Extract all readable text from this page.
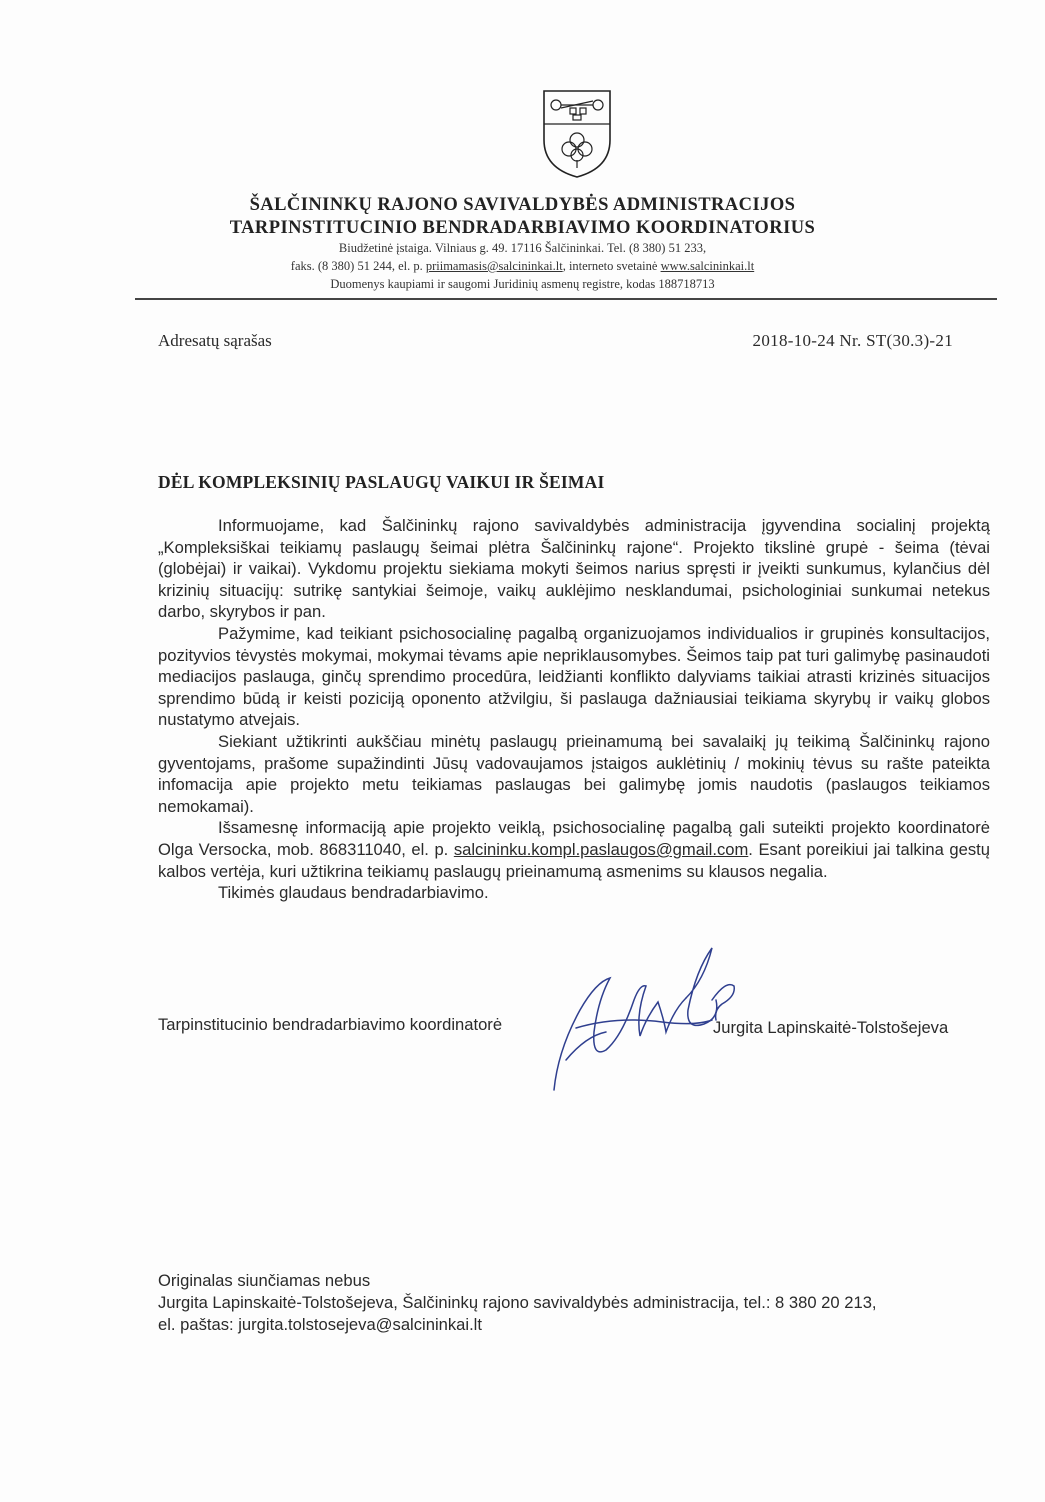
ŠALČININKŲ RAJONO SAVIVALDYBĖS ADMINISTRACIJOS

TARPINSTITUCINIO BENDRADARBIAVIMO KOORDINATORIUS

Biudžetinė įstaiga. Vilniaus g. 49. 17116 Šalčininkai. Tel. (8 380) 51 233,

faks. (8 380) 51 244, el. p. priimamasis@salcininkai.lt, interneto svetainė www.salcininkai.lt

Duomenys kaupiami ir saugomi Juridinių asmenų registre, kodas 188718713

Adresatų sąrašas	2018-10-24 Nr. ST(30.3)-21

DĖL KOMPLEKSINIŲ PASLAUGŲ VAIKUI IR ŠEIMAI

Informuojame, kad Šalčininkų rajono savivaldybės administracija įgyvendina socialinį projektą „Kompleksiškai teikiamų paslaugų šeimai plėtra Šalčininkų rajone“. Projekto tikslinė grupė - šeima (tėvai (globėjai) ir vaikai). Vykdomu projektu siekiama mokyti šeimos narius spręsti ir įveikti sunkumus, kylančius dėl krizinių situacijų: sutrikę santykiai šeimoje, vaikų auklėjimo nesklandumai, psichologiniai sunkumai netekus darbo, skyrybos ir pan.

Pažymime, kad teikiant psichosocialinę pagalbą organizuojamos individualios ir grupinės konsultacijos, pozityvios tėvystės mokymai, mokymai tėvams apie nepriklausomybes. Šeimos taip pat turi galimybę pasinaudoti mediacijos paslauga, ginčų sprendimo procedūra, leidžianti konflikto dalyviams taikiai atrasti krizinės situacijos sprendimo būdą ir keisti poziciją oponento atžvilgiu, ši paslauga dažniausiai teikiama skyrybų ir vaikų globos nustatymo atvejais.

Siekiant užtikrinti aukščiau minėtų paslaugų prieinamumą bei savalaikį jų teikimą Šalčininkų rajono gyventojams, prašome supažindinti Jūsų vadovaujamos įstaigos auklėtinių / mokinių tėvus su rašte pateikta infomacija apie projekto metu teikiamas paslaugas bei galimybę jomis naudotis (paslaugos teikiamos nemokamai).

Išsamesnę informaciją apie projekto veiklą, psichosocialinę pagalbą gali suteikti projekto koordinatorė Olga Versocka, mob. 868311040, el. p. salcininku.kompl.paslaugos@gmail.com. Esant poreikiui jai talkina gestų kalbos vertėja, kuri užtikrina teikiamų paslaugų prieinamumą asmenims su klausos negalia.

Tikimės glaudaus bendradarbiavimo.

Tarpinstitucinio bendradarbiavimo koordinatorė	Jurgita Lapinskaitė-Tolstošejeva

Originalas siunčiamas nebus

Jurgita Lapinskaitė-Tolstošejeva, Šalčininkų rajono savivaldybės administracija, tel.: 8 380 20 213,

el. paštas: jurgita.tolstosejeva@salcininkai.lt
